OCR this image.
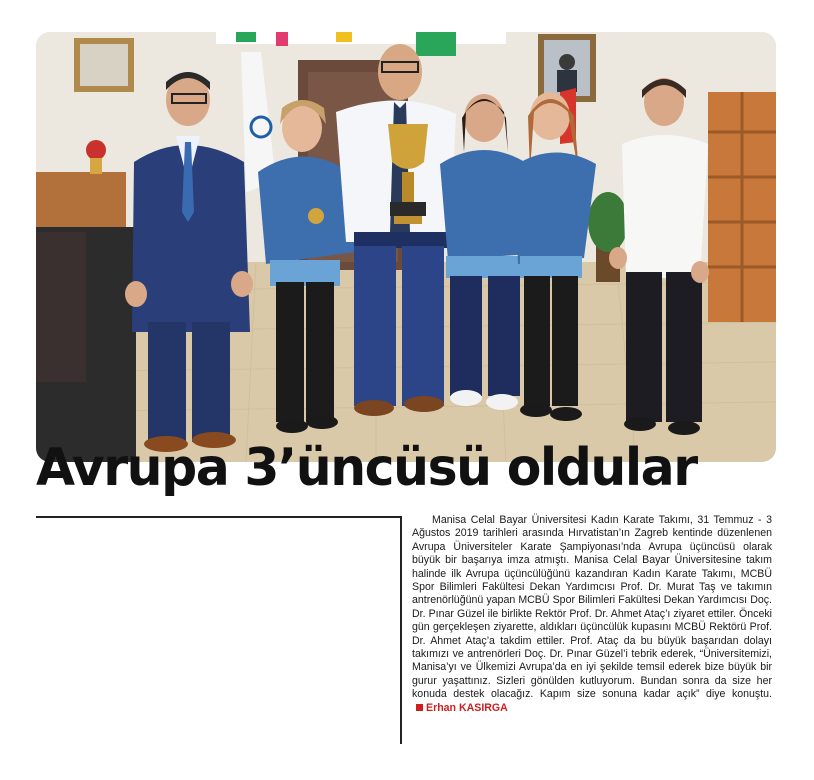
Avrupa 3’üncüsü oldular

Manisa Celal Bayar Üniversitesi Kadın Karate Takımı, 31 Temmuz - 3 Ağustos 2019 tarihleri arasında Hırvatistan’ın Zagreb kentinde düzenlenen Avrupa Üniversiteler Karate Şampiyonası’nda Avrupa üçüncüsü olarak büyük bir başarıya imza atmıştı. Manisa Celal Bayar Üniversitesine takım halinde ilk Avrupa üçüncülüğünü kazandıran Kadın Karate Takımı, MCBÜ Spor Bilimleri Fakültesi Dekan Yardımcısı Prof. Dr. Murat Taş ve takımın antrenörlüğünü yapan MCBÜ Spor Bilimleri Fakültesi Dekan Yardımcısı Doç. Dr. Pınar Güzel ile birlikte Rektör Prof. Dr. Ahmet Ataç’ı ziyaret ettiler. Önceki gün gerçekleşen ziyarette, aldıkları üçüncülük kupasını MCBÜ Rektörü Prof. Dr. Ahmet Ataç’a takdim ettiler. Prof. Ataç da bu büyük başarıdan dolayı takımızı ve antrenörleri Doç. Dr. Pınar Güzel’i tebrik ederek, “Üniversitemizi, Manisa’yı ve Ülkemizi Avrupa’da en iyi şekilde temsil ederek bize büyük bir gurur yaşattınız. Sizleri gönülden kutluyorum. Bundan sonra da size her konuda destek olacağız. Kapım size sonuna kadar açık” diye konuştu.Erhan KASIRGA
